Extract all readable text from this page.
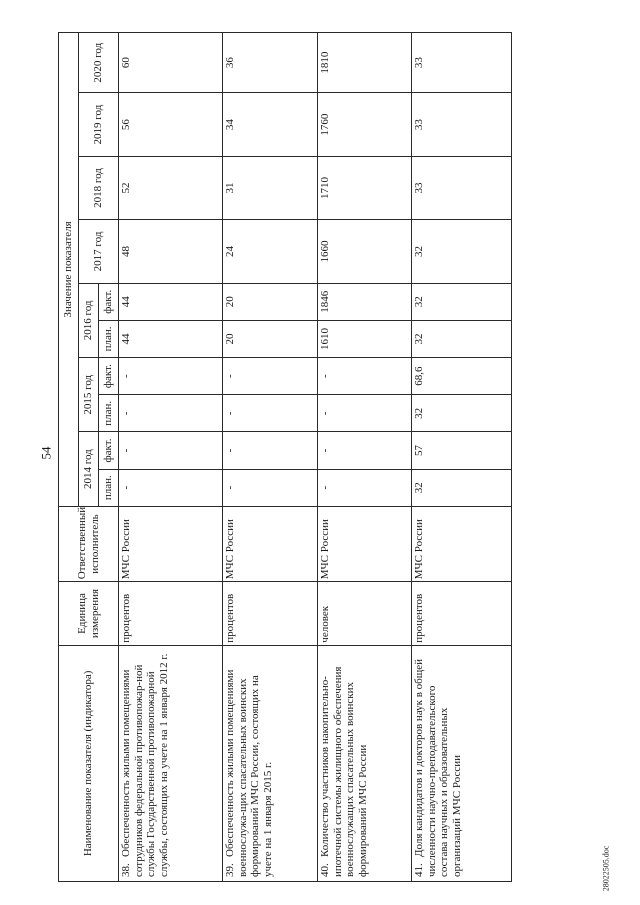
54
28022505.doc
Наименование показателя (индикатора)	Единица измерения	Ответственный исполнитель	Значение показателя									
			2014 год		2015 год		2016 год		2017 год	2018 год	2019 год	2020 год
			план.	факт.	план.	факт.	план.	факт.				
38.Обеспеченность жилыми помещениями сотрудников федеральной противопожар-ной службы Государственной противопожарной службы, состоящих на учете на 1 января 2012 г.	процентов	МЧС России	-	-	-	-	44	44	48	52	56	60
39.Обеспеченность жилыми помещениями военнослужа-щих спасательных воинских формирований МЧС России, состоящих на учете на 1 января 2015 г.	процентов	МЧС России	-	-	-	-	20	20	24	31	34	36
40.Количество участников накопительно-ипотечной системы жилищного обеспечения военнослужащих спасательных воинских формирований МЧС России	человек	МЧС России	-	-	-	-	1610	1846	1660	1710	1760	1810
41.Доля кандидатов и докторов наук в общей численности научно-преподавательского состава научных и образовательных организаций МЧС России	процентов	МЧС России	32	57	32	68,6	32	32	32	33	33	33
